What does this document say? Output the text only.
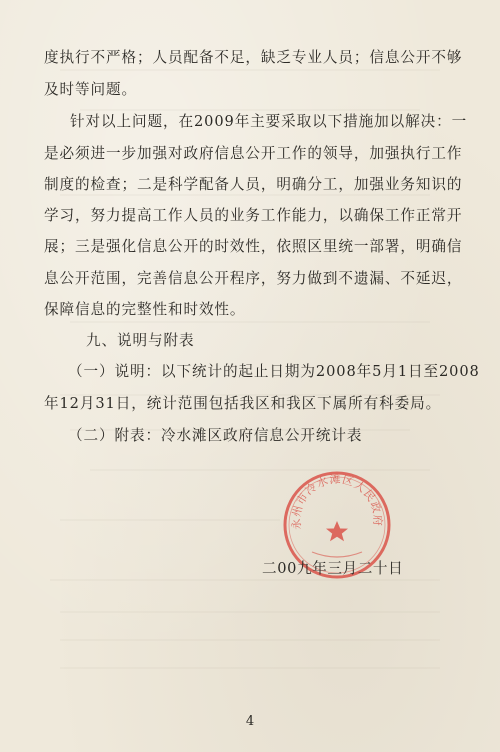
度执行不严格；人员配备不足，缺乏专业人员；信息公开不够
及时等问题。
针对以上问题，在2009年主要采取以下措施加以解决：一
是必须进一步加强对政府信息公开工作的领导，加强执行工作
制度的检查；二是科学配备人员，明确分工，加强业务知识的
学习，努力提高工作人员的业务工作能力，以确保工作正常开
展；三是强化信息公开的时效性，依照区里统一部署，明确信
息公开范围，完善信息公开程序，努力做到不遗漏、不延迟，
保障信息的完整性和时效性。
九、说明与附表
（一）说明：以下统计的起止日期为2008年5月1日至2008
年12月31日，统计范围包括我区和我区下属所有科委局。
（二）附表：冷水滩区政府信息公开统计表
永州市冷水滩区人民政府
二00九年三月二十日
4
